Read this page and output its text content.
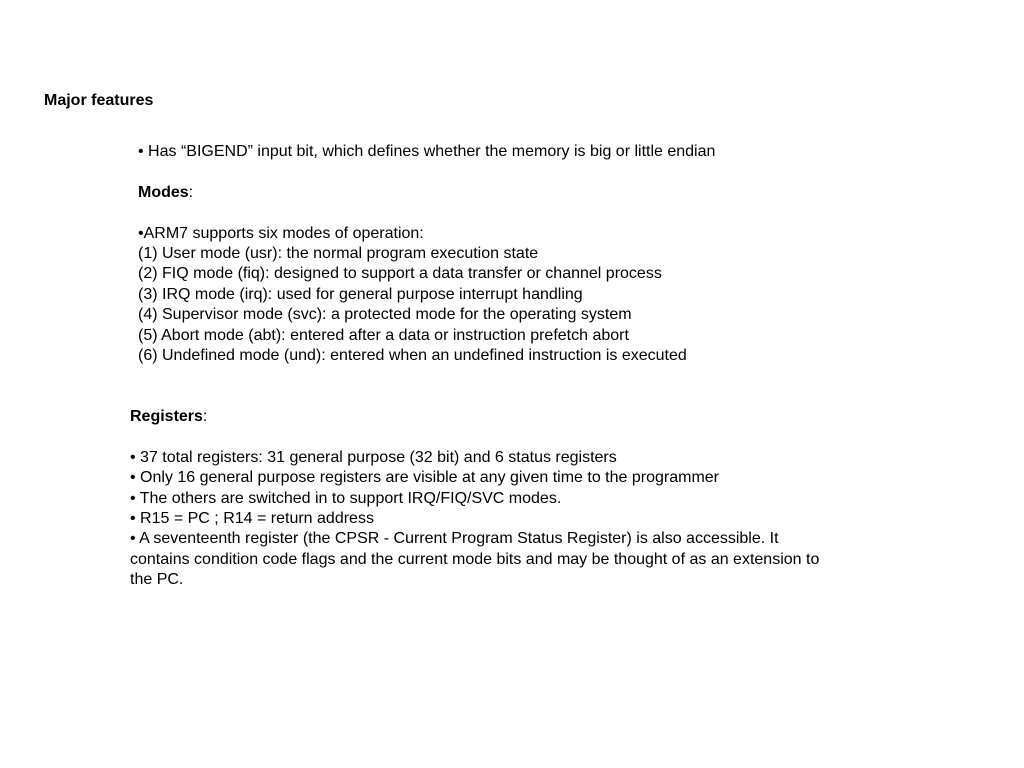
Major features
• Has “BIGEND” input bit, which defines whether the memory is big or little endian
Modes:
•ARM7 supports six modes of operation:
(1) User mode (usr): the normal program execution state
(2) FIQ mode (fiq): designed to support a data transfer or channel process
(3) IRQ mode (irq): used for general purpose interrupt handling
(4) Supervisor mode (svc): a protected mode for the operating system
(5) Abort mode (abt): entered after a data or instruction prefetch abort
(6) Undefined mode (und): entered when an undefined instruction is executed
Registers:
• 37 total registers: 31 general purpose (32 bit) and 6 status registers
• Only 16 general purpose registers are visible at any given time to the programmer
• The others are switched in to support IRQ/FIQ/SVC modes.
• R15 = PC ; R14 = return address
• A seventeenth register (the CPSR - Current Program Status Register) is also accessible. It contains condition code flags and the current mode bits and may be thought of as an extension to the PC.
